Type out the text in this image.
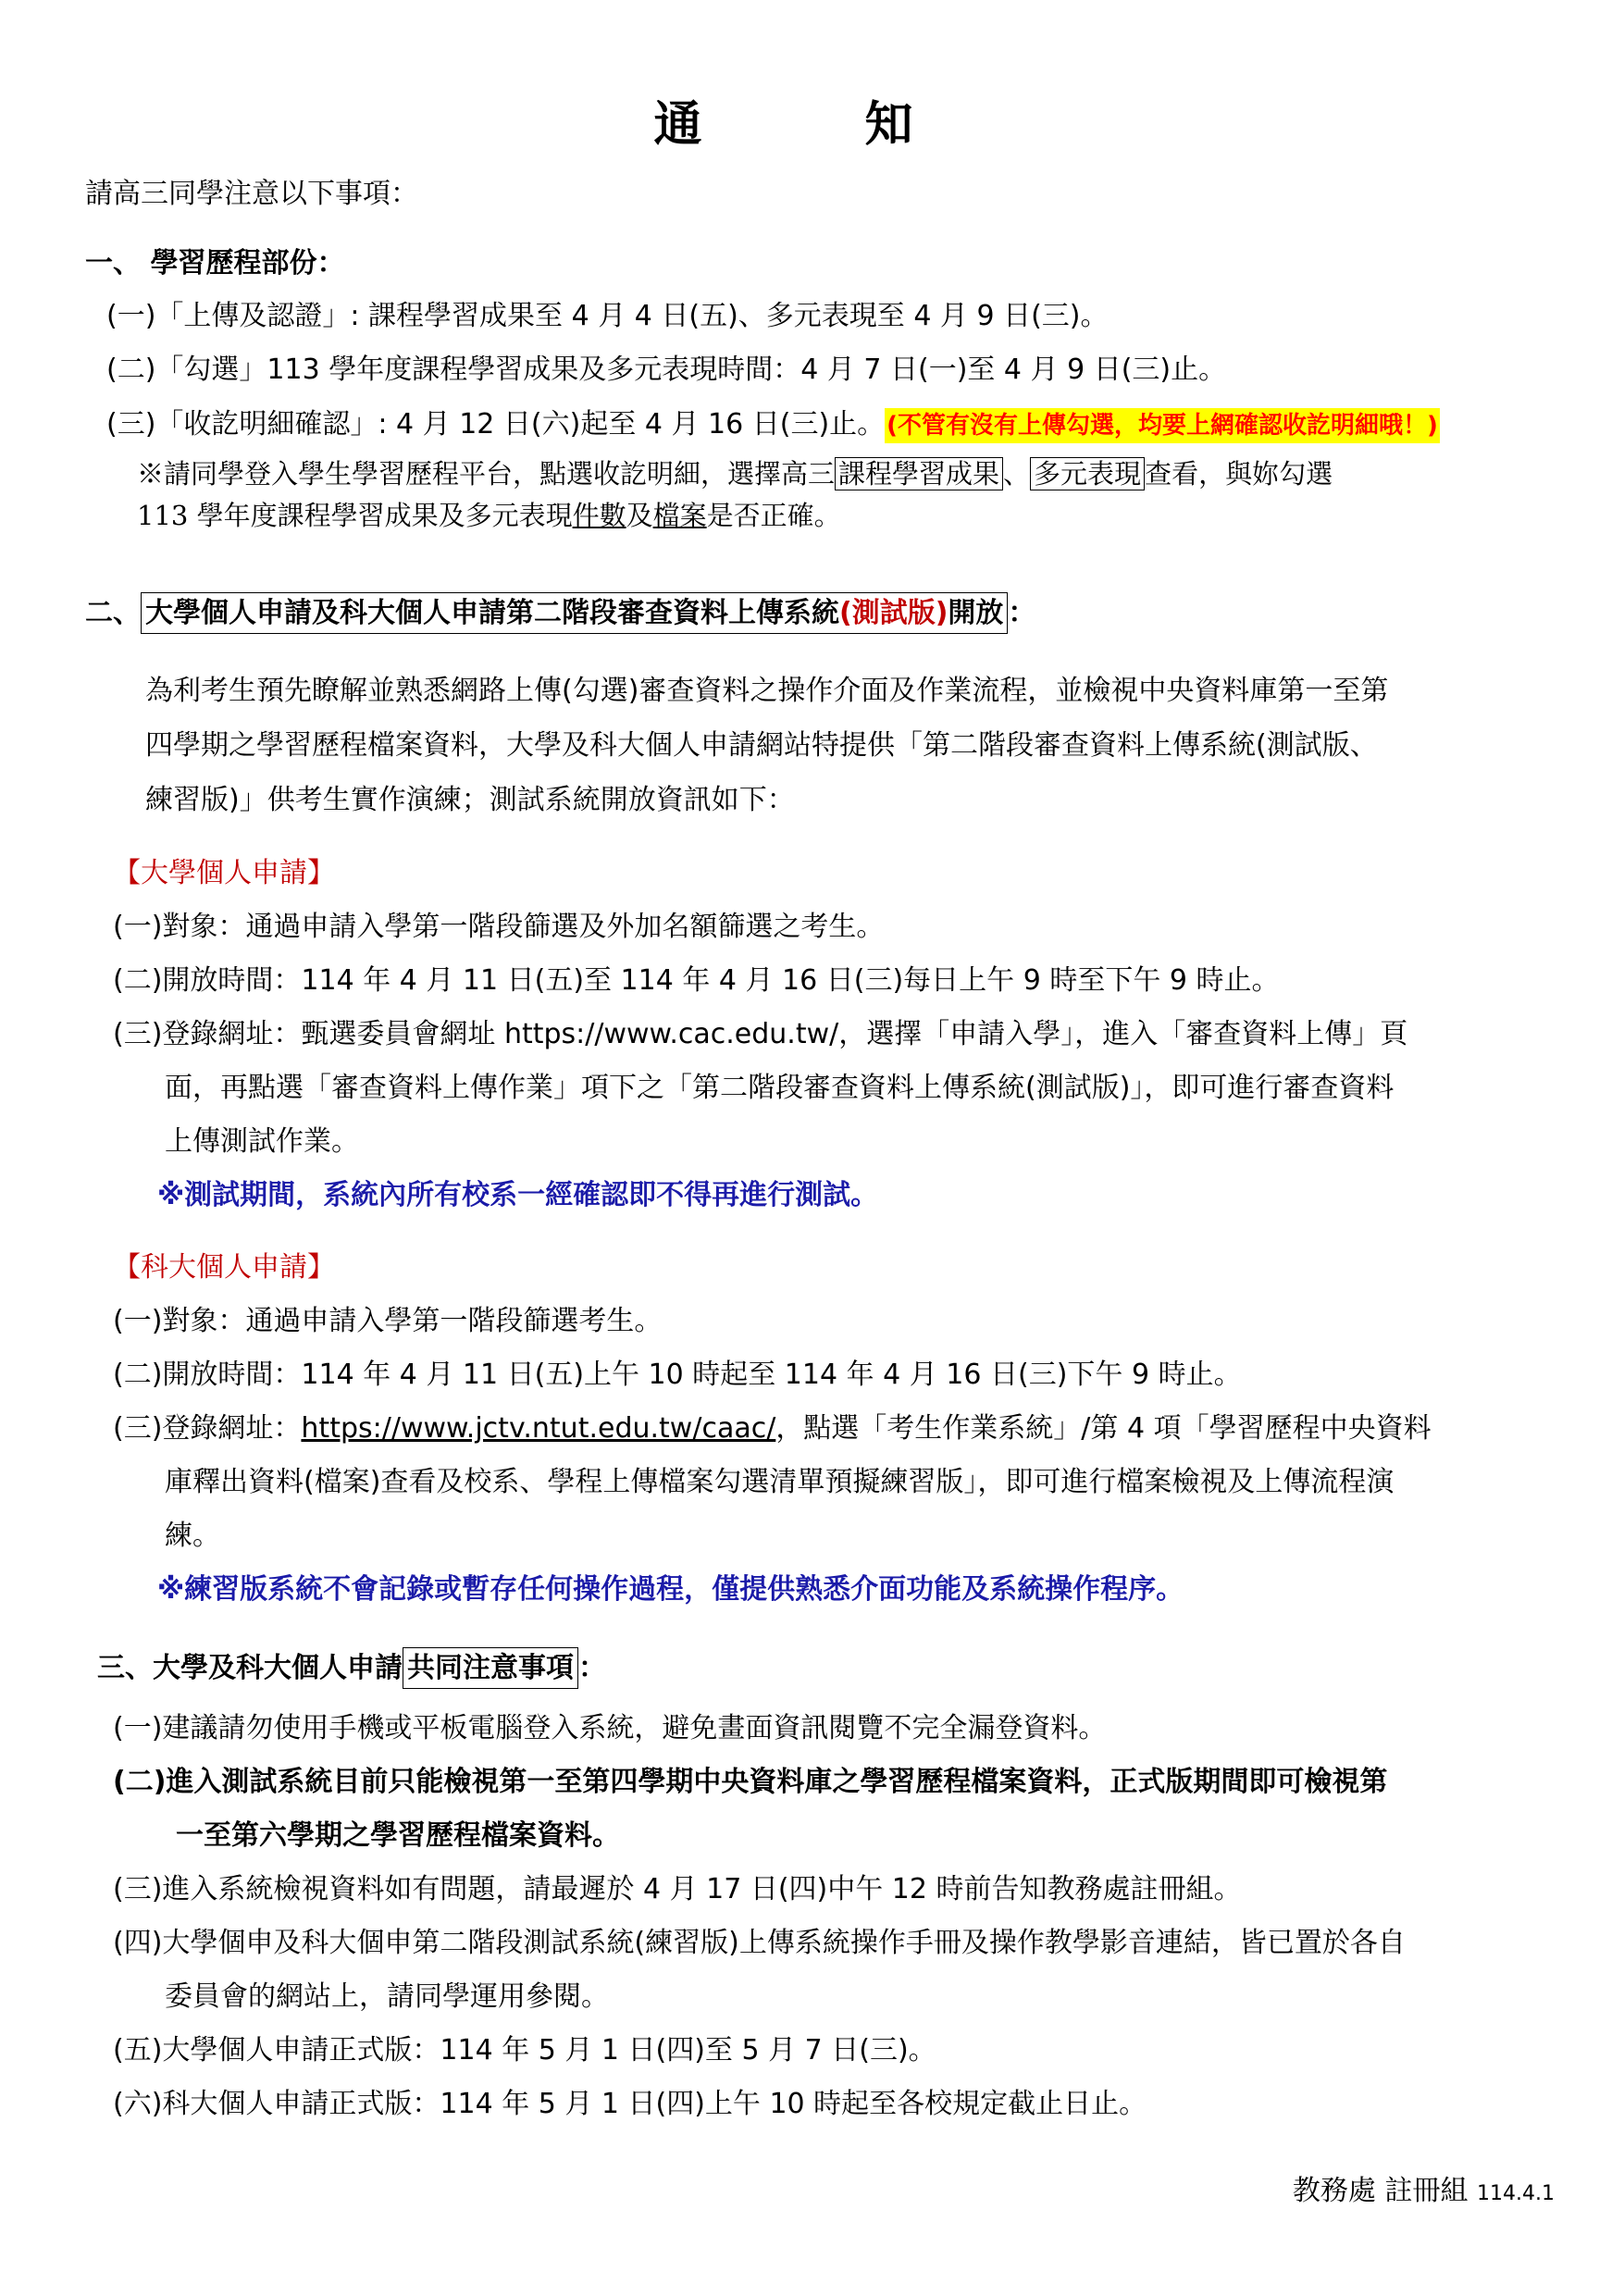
通　知
請高三同學注意以下事項：
一、 學習歷程部份：
(一)「上傳及認證」: 課程學習成果至 4 月 4 日(五)、多元表現至 4 月 9 日(三)。
(二)「勾選」113 學年度課程學習成果及多元表現時間：4 月 7 日(一)至 4 月 9 日(三)止。
(三)「收訖明細確認」: 4 月 12 日(六)起至 4 月 16 日(三)止。(不管有沒有上傳勾選，均要上網確認收訖明細哦！)
※請同學登入學生學習歷程平台，點選收訖明細，選擇高三 課程學習成果 、 多元表現 查看，與妳勾選
113 學年度課程學習成果及多元表現件數及檔案是否正確。
二、 大學個人申請及科大個人申請第二階段審查資料上傳系統(測試版)開放 ：
為利考生預先瞭解並熟悉網路上傳(勾選)審查資料之操作介面及作業流程，並檢視中央資料庫第一至第
四學期之學習歷程檔案資料，大學及科大個人申請網站特提供「第二階段審查資料上傳系統(測試版、
練習版)」供考生實作演練；測試系統開放資訊如下：
【大學個人申請】
(一)對象：通過申請入學第一階段篩選及外加名額篩選之考生。
(二)開放時間：114 年 4 月 11 日(五)至 114 年 4 月 16 日(三)每日上午 9 時至下午 9 時止。
(三)登錄網址：甄選委員會網址 https://www.cac.edu.tw/，選擇「申請入學」，進入「審查資料上傳」頁
面，再點選「審查資料上傳作業」項下之「第二階段審查資料上傳系統(測試版)」，即可進行審查資料
上傳測試作業。
※測試期間，系統內所有校系一經確認即不得再進行測試。
【科大個人申請】
(一)對象：通過申請入學第一階段篩選考生。
(二)開放時間：114 年 4 月 11 日(五)上午 10 時起至 114 年 4 月 16 日(三)下午 9 時止。
(三)登錄網址：https://www.jctv.ntut.edu.tw/caac/，點選「考生作業系統」/第 4 項「學習歷程中央資料
庫釋出資料(檔案)查看及校系、學程上傳檔案勾選清單預擬練習版」，即可進行檔案檢視及上傳流程演
練。
※練習版系統不會記錄或暫存任何操作過程，僅提供熟悉介面功能及系統操作程序。
三、大學及科大個人申請 共同注意事項 ：
(一)建議請勿使用手機或平板電腦登入系統，避免畫面資訊閱覽不完全漏登資料。
(二)進入測試系統目前只能檢視第一至第四學期中央資料庫之學習歷程檔案資料，正式版期間即可檢視第
一至第六學期之學習歷程檔案資料。
(三)進入系統檢視資料如有問題，請最遲於 4 月 17 日(四)中午 12 時前告知教務處註冊組。
(四)大學個申及科大個申第二階段測試系統(練習版)上傳系統操作手冊及操作教學影音連結，皆已置於各自
委員會的網站上，請同學運用參閱。
(五)大學個人申請正式版：114 年 5 月 1 日(四)至 5 月 7 日(三)。
(六)科大個人申請正式版：114 年 5 月 1 日(四)上午 10 時起至各校規定截止日止。
教務處 註冊組 114.4.1
